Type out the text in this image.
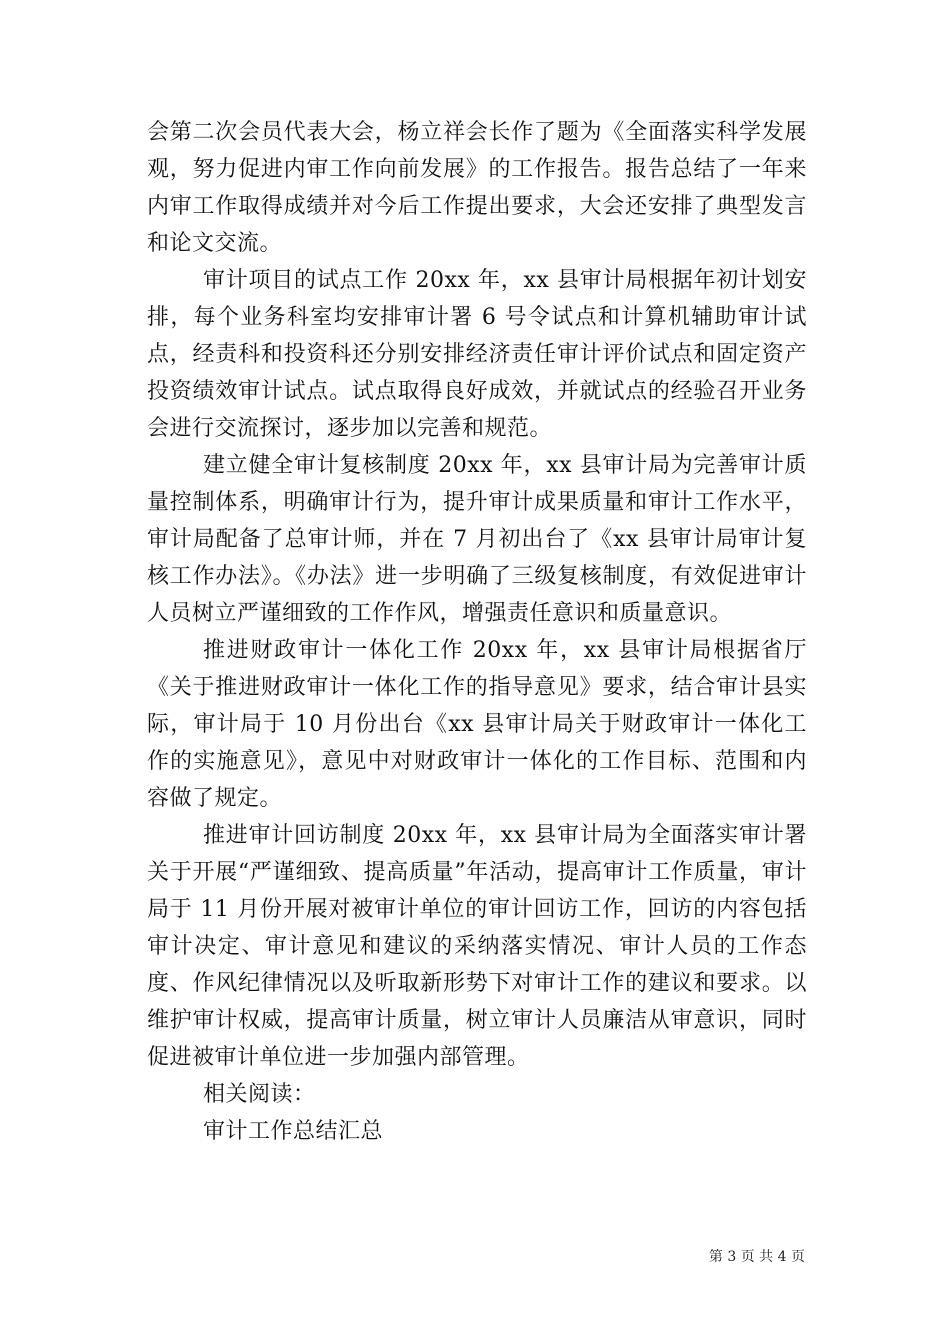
会第二次会员代表大会，杨立祥会长作了题为《全面落实科学发展观，努力促进内审工作向前发展》的工作报告。报告总结了一年来内审工作取得成绩并对今后工作提出要求，大会还安排了典型发言和论文交流。

审计项目的试点工作 20xx 年，xx 县审计局根据年初计划安排，每个业务科室均安排审计署 6 号令试点和计算机辅助审计试点，经责科和投资科还分别安排经济责任审计评价试点和固定资产投资绩效审计试点。试点取得良好成效，并就试点的经验召开业务会进行交流探讨，逐步加以完善和规范。

建立健全审计复核制度 20xx 年，xx 县审计局为完善审计质量控制体系，明确审计行为，提升审计成果质量和审计工作水平，审计局配备了总审计师，并在 7 月初出台了《xx 县审计局审计复核工作办法》。《办法》进一步明确了三级复核制度，有效促进审计人员树立严谨细致的工作作风，增强责任意识和质量意识。

推进财政审计一体化工作 20xx 年，xx 县审计局根据省厅《关于推进财政审计一体化工作的指导意见》要求，结合审计县实际，审计局于 10 月份出台《xx 县审计局关于财政审计一体化工作的实施意见》，意见中对财政审计一体化的工作目标、范围和内容做了规定。

推进审计回访制度 20xx 年，xx 县审计局为全面落实审计署关于开展“严谨细致、提高质量”年活动，提高审计工作质量，审计局于 11 月份开展对被审计单位的审计回访工作，回访的内容包括审计决定、审计意见和建议的采纳落实情况、审计人员的工作态度、作风纪律情况以及听取新形势下对审计工作的建议和要求。以维护审计权威，提高审计质量，树立审计人员廉洁从审意识，同时促进被审计单位进一步加强内部管理。

相关阅读：

审计工作总结汇总

第 3 页 共 4 页
